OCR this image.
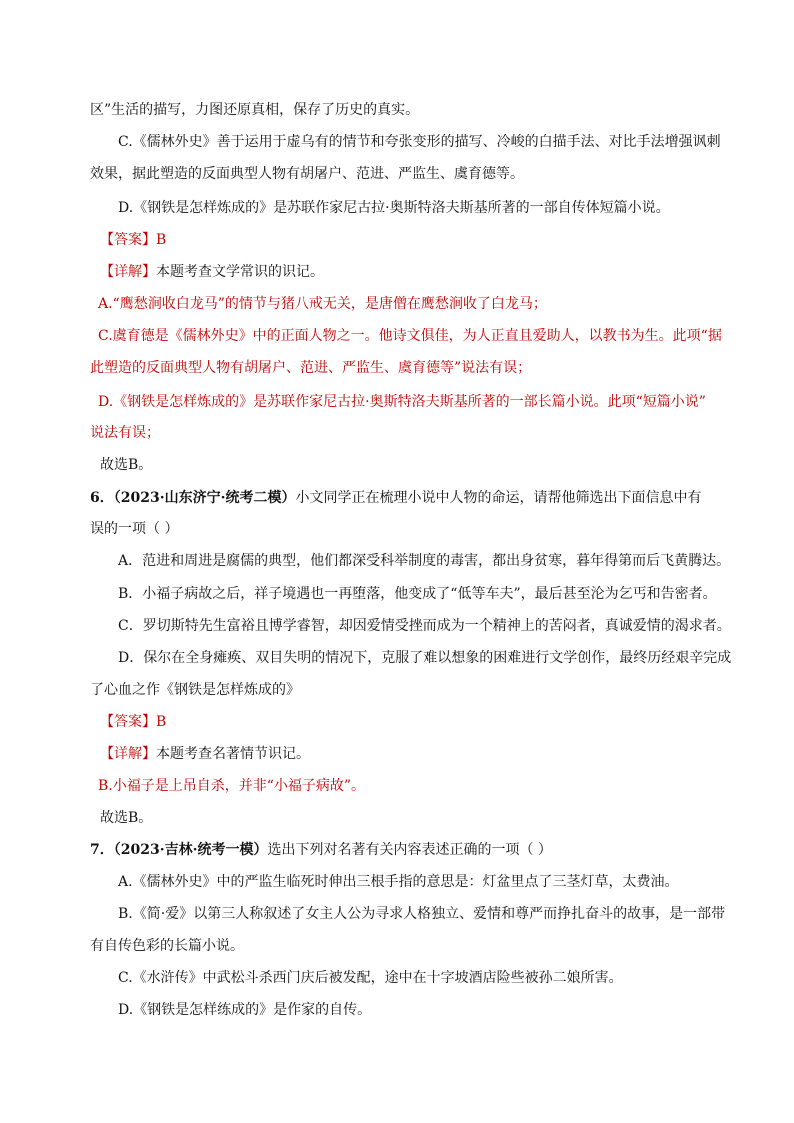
区”生活的描写，力图还原真相，保存了历史的真实。
C.《儒林外史》善于运用于虚乌有的情节和夸张变形的描写、冷峻的白描手法、对比手法增强讽刺
效果，据此塑造的反面典型人物有胡屠户、范进、严监生、虞育德等。
D.《钢铁是怎样炼成的》是苏联作家尼古拉·奥斯特洛夫斯基所著的一部自传体短篇小说。
【答案】B
【详解】本题考查文学常识的识记。
A.“鹰愁涧收白龙马”的情节与猪八戒无关，是唐僧在鹰愁涧收了白龙马；
C.虞育德是《儒林外史》中的正面人物之一。他诗文俱佳，为人正直且爱助人，以教书为生。此项“据
此塑造的反面典型人物有胡屠户、范进、严监生、虞育德等”说法有误；
D.《钢铁是怎样炼成的》是苏联作家尼古拉·奥斯特洛夫斯基所著的一部长篇小说。此项“短篇小说”
说法有误；
故选B。
6．（2023·山东济宁·统考二模）小文同学正在梳理小说中人物的命运，请帮他筛选出下面信息中有
误的一项（ ）
A．范进和周进是腐儒的典型，他们都深受科举制度的毒害，都出身贫寒，暮年得第而后飞黄腾达。
B．小福子病故之后，祥子境遇也一再堕落，他变成了“低等车夫”，最后甚至沦为乞丐和告密者。
C．罗切斯特先生富裕且博学睿智，却因爱情受挫而成为一个精神上的苦闷者，真诚爱情的渴求者。
D．保尔在全身瘫痪、双目失明的情况下，克服了难以想象的困难进行文学创作，最终历经艰辛完成
了心血之作《钢铁是怎样炼成的》
【答案】B
【详解】本题考查名著情节识记。
B.小福子是上吊自杀，并非“小福子病故”。
故选B。
7．（2023·吉林·统考一模）选出下列对名著有关内容表述正确的一项（ ）
A.《儒林外史》中的严监生临死时伸出三根手指的意思是：灯盆里点了三茎灯草，太费油。
B.《简·爱》以第三人称叙述了女主人公为寻求人格独立、爱情和尊严而挣扎奋斗的故事，是一部带
有自传色彩的长篇小说。
C.《水浒传》中武松斗杀西门庆后被发配，途中在十字坡酒店险些被孙二娘所害。
D.《钢铁是怎样练成的》是作家的自传。
